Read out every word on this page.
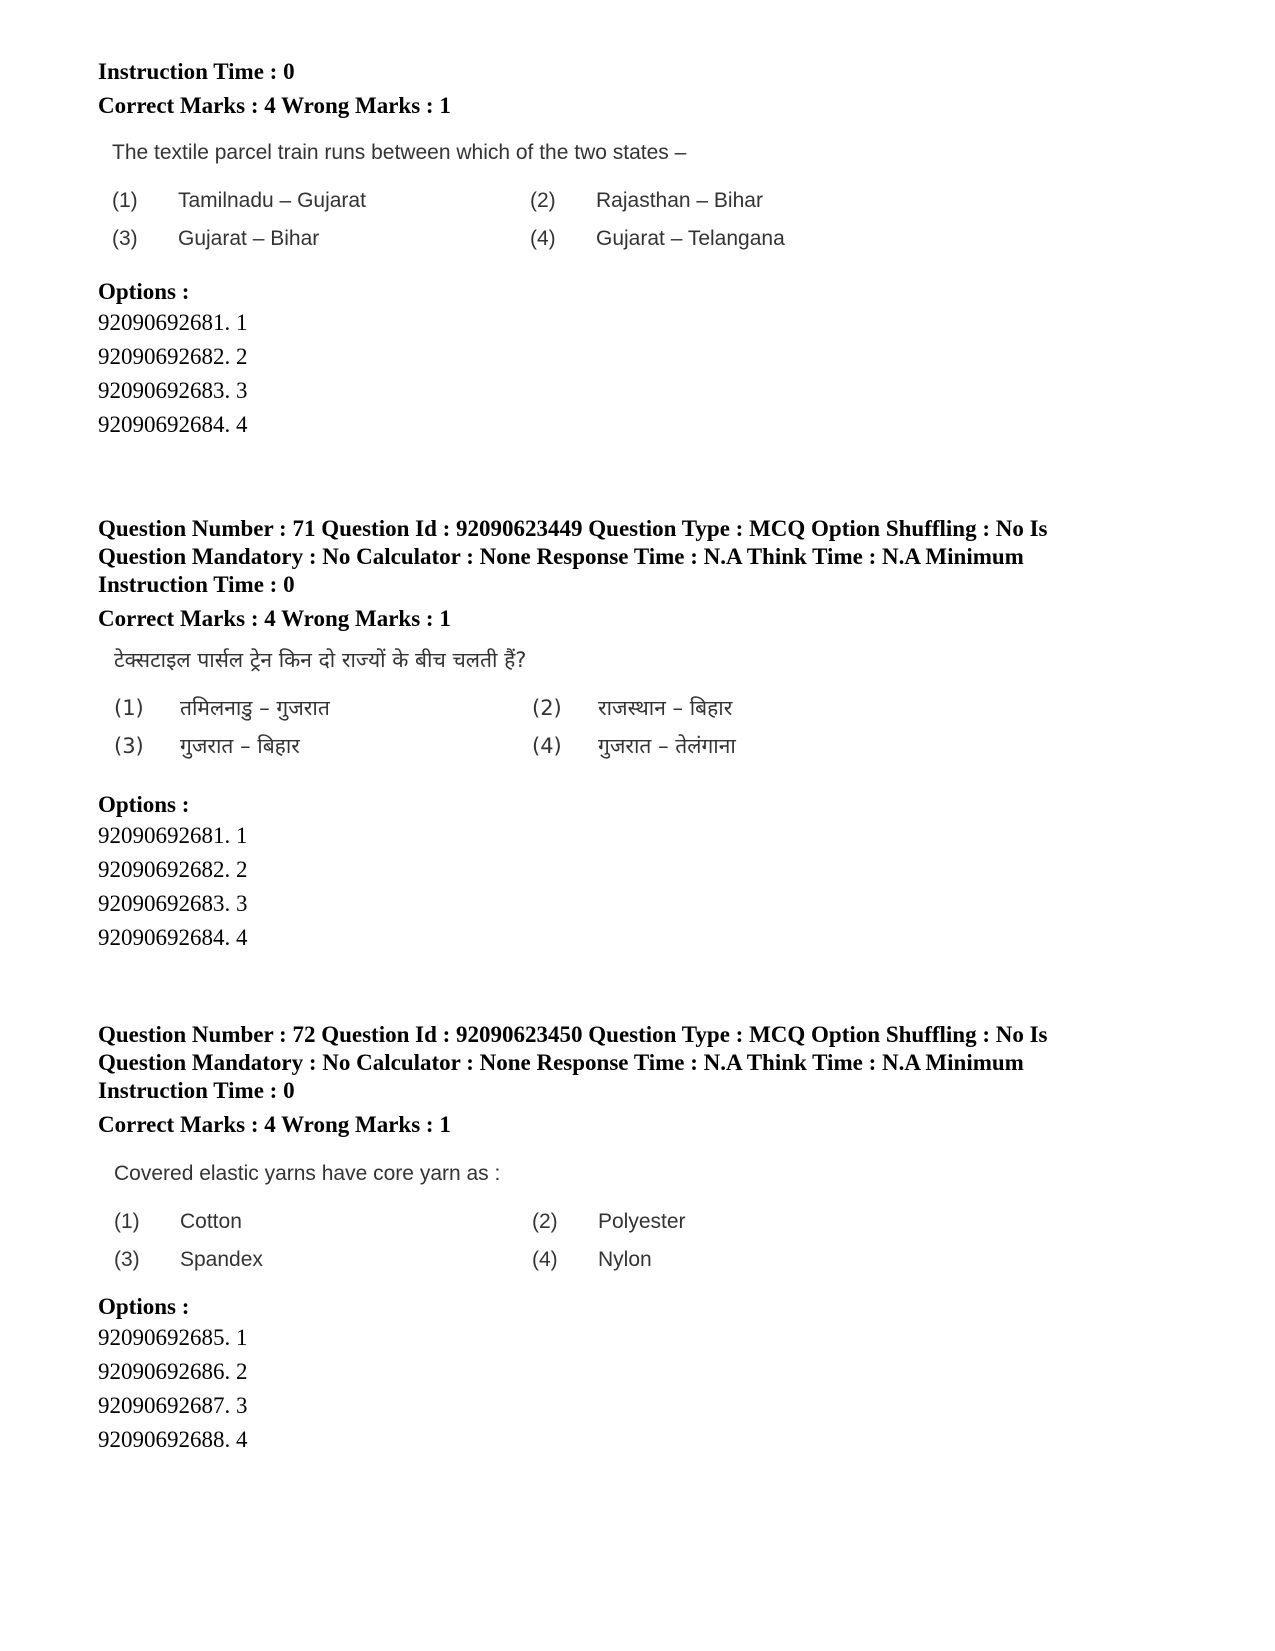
Instruction Time : 0

Correct Marks : 4 Wrong Marks : 1

The textile parcel train runs between which of the two states –

(1) Tamilnadu – Gujarat	(2) Rajasthan – Bihar
(3) Gujarat – Bihar	(4) Gujarat – Telangana

Options :

92090692681. 1

92090692682. 2

92090692683. 3

92090692684. 4

Question Number : 71 Question Id : 92090623449 Question Type : MCQ Option Shuffling : No Is

Question Mandatory : No Calculator : None Response Time : N.A Think Time : N.A Minimum

Instruction Time : 0

Correct Marks : 4 Wrong Marks : 1

टेक्सटाइल पार्सल ट्रेन किन दो राज्यों के बीच चलती हैं?

(1) तमिलनाडु – गुजरात	(2) राजस्थान – बिहार
(3) गुजरात – बिहार	(4) गुजरात – तेलंगाना

Options :

92090692681. 1

92090692682. 2

92090692683. 3

92090692684. 4

Question Number : 72 Question Id : 92090623450 Question Type : MCQ Option Shuffling : No Is

Question Mandatory : No Calculator : None Response Time : N.A Think Time : N.A Minimum

Instruction Time : 0

Correct Marks : 4 Wrong Marks : 1

Covered elastic yarns have core yarn as :

(1) Cotton	(2) Polyester
(3) Spandex	(4) Nylon

Options :

92090692685. 1

92090692686. 2

92090692687. 3

92090692688. 4
